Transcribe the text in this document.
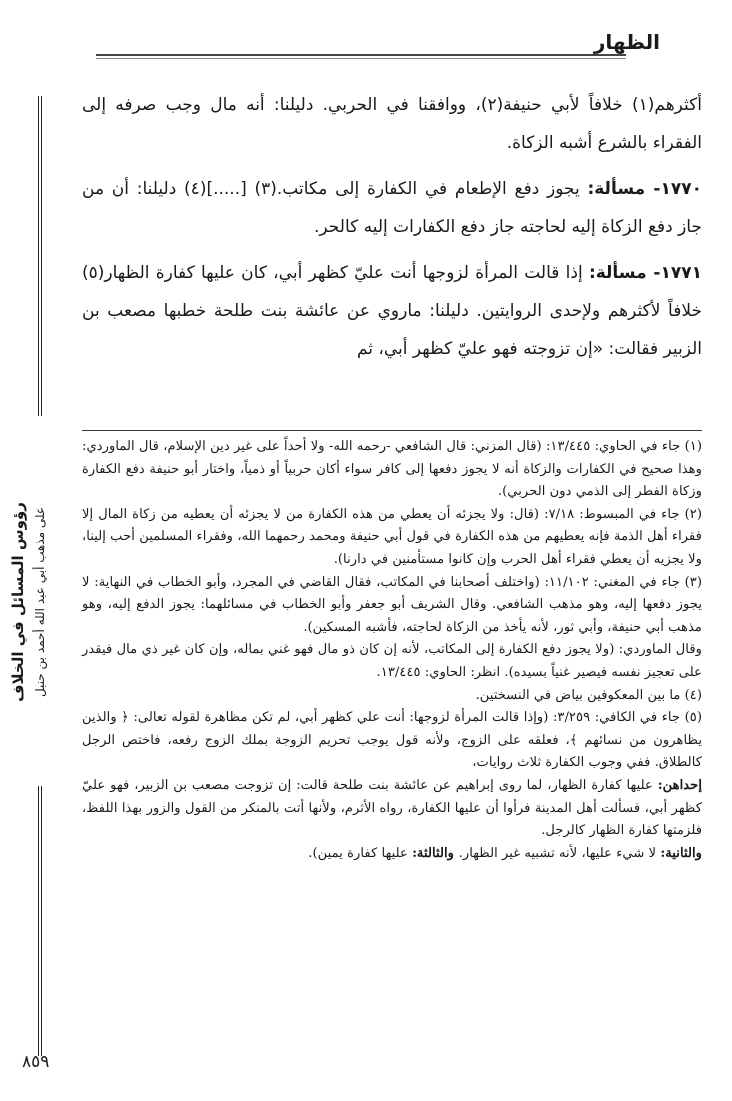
الظهار
رؤوس المسائل في الخلاف على مذهب أبي عبد الله أحمد بن حنبل

أكثرهم(١) خلافاً لأبي حنيفة(٢)، ووافقنا في الحربي. دليلنا: أنه مال وجب صرفه إلى الفقراء بالشرع أشبه الزكاة.

١٧٧٠- مسألة: يجوز دفع الإطعام في الكفارة إلى مكاتب.(٣) [.....](٤) دليلنا: أن من جاز دفع الزكاة إليه لحاجته جاز دفع الكفارات إليه كالحر.

١٧٧١- مسألة: إذا قالت المرأة لزوجها أنت عليّ كظهر أبي، كان عليها كفارة الظهار(٥) خلافاً لأكثرهم ولإحدى الروايتين. دليلنا: ماروي عن عائشة بنت طلحة خطبها مصعب بن الزبير فقالت: «إن تزوجته فهو عليّ كظهر أبي، ثم

(١) جاء في الحاوي: ١٣/٤٤٥: (قال المزني: قال الشافعي -رحمه الله- ولا أحداً على غير دين الإسلام، قال الماوردي: وهذا صحيح في الكفارات والزكاة أنه لا يجوز دفعها إلى كافر سواء أكان حربياً أو ذمياً، واختار أبو حنيفة دفع الكفارة وزكاة الفطر إلى الذمي دون الحربي).

(٢) جاء في المبسوط: ٧/١٨: (قال: ولا يجزئه أن يعطي من هذه الكفارة من لا يجزئه أن يعطيه من زكاة المال إلا فقراء أهل الذمة فإنه يعطيهم من هذه الكفارة في قول أبي حنيفة ومحمد رحمهما الله، وفقراء المسلمين أحب إلينا، ولا يجزيه أن يعطي فقراء أهل الحرب وإن كانوا مستأمنين في دارنا).

(٣) جاء في المغني: ١١/١٠٢: (واختلف أصحابنا في المكاتب، فقال القاضي في المجرد، وأبو الخطاب في النهاية: لا يجوز دفعها إليه، وهو مذهب الشافعي. وقال الشريف أبو جعفر وأبو الخطاب في مسائلهما: يجوز الدفع إليه، وهو مذهب أبي حنيفة، وأبي ثور، لأنه يأخذ من الزكاة لحاجته، فأشبه المسكين).

وقال الماوردي: (ولا يجوز دفع الكفارة إلى المكاتب، لأنه إن كان ذو مال فهو غني بماله، وإن كان غير ذي مال فيقدر على تعجيز نفسه فيصير غنياً بسيده). انظر: الحاوي: ١٣/٤٤٥.

(٤) ما بين المعكوفين بياض في النسختين.

(٥) جاء في الكافي: ٣/٢٥٩: (وإذا قالت المرأة لزوجها: أنت علي كظهر أبي، لم تكن مظاهرة لقوله تعالى: ﴿ والذين يظاهرون من نسائهم ﴾، فعلقه على الزوج، ولأنه قول يوجب تحريم الزوجة بملك الزوج رفعه، فاختص الرجل كالطلاق. ففي وجوب الكفارة ثلاث روايات،

إحداهن: عليها كفارة الظهار، لما روى إبراهيم عن عائشة بنت طلحة قالت: إن تزوجت مصعب بن الزبير، فهو عليّ كظهر أبي، فسألت أهل المدينة فرأوا أن عليها الكفارة، رواه الأثرم، ولأنها أتت بالمنكر من القول والزور بهذا اللفظ، فلزمتها كفارة الظهار كالرجل.

والثانية: لا شيء عليها، لأنه تشبيه غير الظهار. والثالثة: عليها كفارة يمين).

٨٥٩
